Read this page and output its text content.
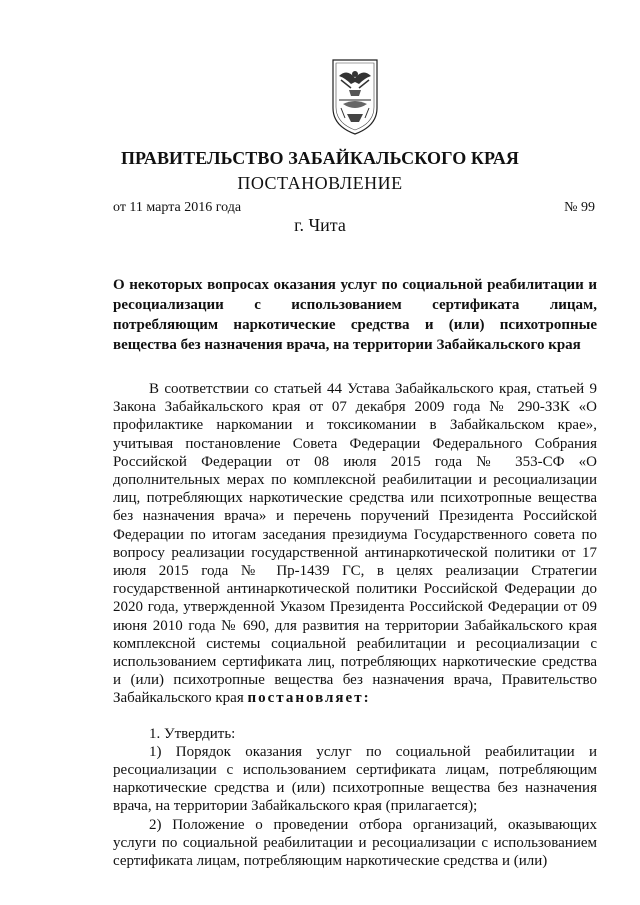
ПРАВИТЕЛЬСТВО ЗАБАЙКАЛЬСКОГО КРАЯ
ПОСТАНОВЛЕНИЕ
от 11 марта 2016 года	№ 99
г. Чита
О некоторых вопросах оказания услуг по социальной реабилитации и ресоциализации с использованием сертификата лицам, потребляющим наркотические средства и (или) психотропные вещества без назначения врача, на территории Забайкальского края

В соответствии со статьей 44 Устава Забайкальского края, статьей 9 Закона Забайкальского края от 07 декабря 2009 года № 290-ЗЗК «О профилактике наркомании и токсикомании в Забайкальском крае», учитывая постановление Совета Федерации Федерального Собрания Российской Федерации от 08 июля 2015 года № 353-СФ «О дополнительных мерах по комплексной реабилитации и ресоциализации лиц, потребляющих наркотические средства или психотропные вещества без назначения врача» и перечень поручений Президента Российской Федерации по итогам заседания президиума Государственного совета по вопросу реализации государственной антинаркотической политики от 17 июля 2015 года № Пр-1439 ГС, в целях реализации Стратегии государственной антинаркотической политики Российской Федерации до 2020 года, утвержденной Указом Президента Российской Федерации от 09 июня 2010 года № 690, для развития на территории Забайкальского края комплексной системы социальной реабилитации и ресоциализации с использованием сертификата лиц, потребляющих наркотические средства и (или) психотропные вещества без назначения врача, Правительство Забайкальского края постановляет:

1. Утвердить:

1) Порядок оказания услуг по социальной реабилитации и ресоциализации с использованием сертификата лицам, потребляющим наркотические средства и (или) психотропные вещества без назначения врача, на территории Забайкальского края (прилагается);

2) Положение о проведении отбора организаций, оказывающих услуги по социальной реабилитации и ресоциализации с использованием сертификата лицам, потребляющим наркотические средства и (или)
